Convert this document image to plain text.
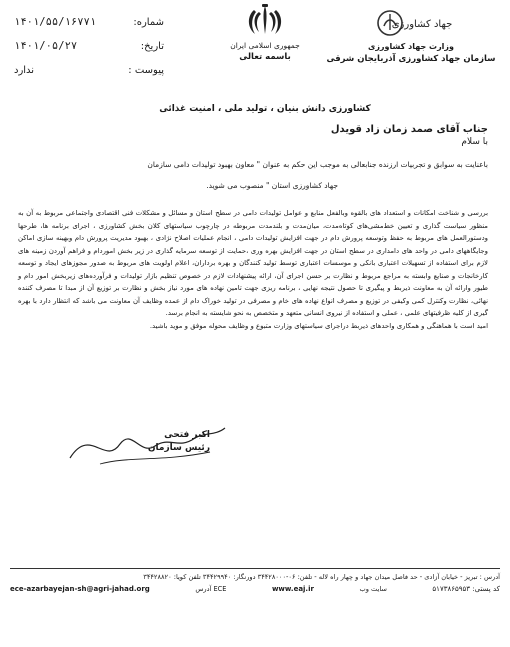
۱۴۰۱/۵۵/۱۶۷۷۱	شماره:
۱۴۰۱/۰۵/۲۷	تاریخ:
ندارد	پیوست :
جمهوری اسلامی ایران
باسمه تعالی
جهاد کشاورزی
وزارت جهاد کشاورزی
سازمان جهاد کشاورزی آذربایجان شرقی
کشاورزی دانش بنیان ، تولید ملی ، امنیت غذائی

جناب آقای صمد زمان زاد قویدل

با سلام

باعنایت به سوابق و تجربیات ارزنده جنابعالی به موجب این حکم به عنوان " معاون بهبود تولیدات دامی سازمان

جهاد کشاورزی استان " منصوب می شوید.

بررسی و شناخت امکانات و استعداد های بالقوه وبالفعل منابع و عوامل تولیدات دامی در سطح استان و مسائل و مشکلات فنی اقتصادی واجتماعی مربوط به آن به منظور سیاست گذاری و تعیین خط‌مشی‌های کوتاه‌مدت، میان‌مدت و بلندمدت مربوطه در چارچوب سیاستهای کلان بخش کشاورزی ، اجرای برنامه ها، طرحها ودستورالعمل های مربوط به حفظ وتوسعه پرورش دام در جهت افزایش تولیدات دامی ، انجام عملیات اصلاح نژادی ، بهبود مدیریت پرورش دام وبهینه سازی اماکن وجایگاههای دامی در واحد های دامداری در سطح استان در جهت افزایش بهره وری ،حمایت از توسعه سرمایه گذاری در زیر بخش اموردام و فراهم آوردن زمینه های لازم برای استفاده از تسهیلات اعتباری بانکی و موسسات اعتباری توسط تولید کنندگان و بهره برداران، اعلام اولویت های مربوط به صدور مجوزهای ایجاد و توسعه کارخانجات و صنایع وابسته به مراجع مربوط و نظارت بر حسن اجرای آن، ارائه پیشنهادات لازم در خصوص تنظیم بازار تولیدات و فرآورده‌های زیربخش امور دام و طیور وارائه آن به معاونت ذیربط و پیگیری تا حصول نتیجه نهایی ، برنامه ریزی جهت تامین نهاده های مورد نیاز بخش و نظارت بر توزیع آن از مبدا تا مصرف کننده نهائی، نظارت وکنترل کمی وکیفی در توزیع و مصرف انواع نهاده های خام و مصرفی در تولید خوراک دام از عمده وظایف آن معاونت می باشد که انتظار دارد با بهره گیری از کلیه ظرفیتهای علمی ، عملی و استفاده از نیروی انسانی متعهد و متخصص به نحو شایسته به انجام برسد.

امید است با هماهنگی و همکاری واحدهای ذیربط دراجرای سیاستهای وزارت متبوع و وظایف محوله موفق و موید باشید.

اکبر فتحی
رئیس سازمان
آدرس : تبریز - خیابان آزادی - حد فاصل میدان جهاد و چهار راه لاله - تلفن: ۰۶-۳۴۴۲۸۰۰۰ دورنگار: ۳۴۴۲۹۹۴۰ تلفن کویا: ۳۴۴۲۸۸۲۰
ece-azarbayejan-sh@agri-jahad.org	ECE آدرس	www.eaj.ir	سایت وب	کد پستی: ۵۱۷۳۸۶۵۹۵۳
